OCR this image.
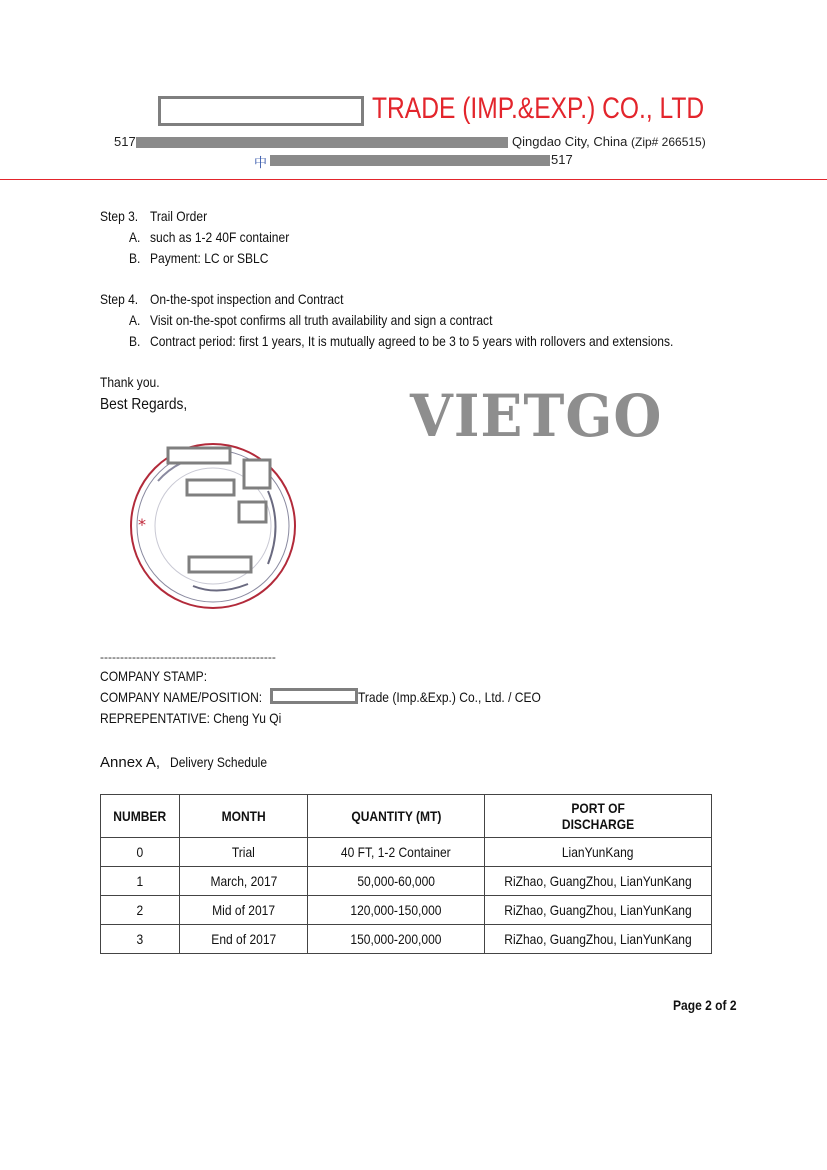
TRADE (IMP.&EXP.) CO., LTD
517	Qingdao City, China (Zip# 266515)
中	517
Step 3. Trail Order
A. such as 1-2 40F container
B. Payment: LC or SBLC
Step 4. On-the-spot inspection and Contract
A. Visit on-the-spot confirms all truth availability and sign a contract
B. Contract period: first 1 years, It is mutually agreed to be 3 to 5 years with rollovers and extensions.
Thank you.
Best Regards,	VIETGO
*
--------------------------------------------
COMPANY STAMP:
COMPANY NAME/POSITION:	Trade (Imp.&Exp.) Co., Ltd. / CEO
REPREPENTATIVE: Cheng Yu Qi
Annex A, Delivery Schedule
NUMBER	MONTH	QUANTITY (MT)	PORT OF
DISCHARGE
0	Trial	40 FT, 1-2 Container	LianYunKang
1	March, 2017	50,000-60,000	RiZhao, GuangZhou, LianYunKang
2	Mid of 2017	120,000-150,000	RiZhao, GuangZhou, LianYunKang
3	End of 2017	150,000-200,000	RiZhao, GuangZhou, LianYunKang
Page 2 of 2
